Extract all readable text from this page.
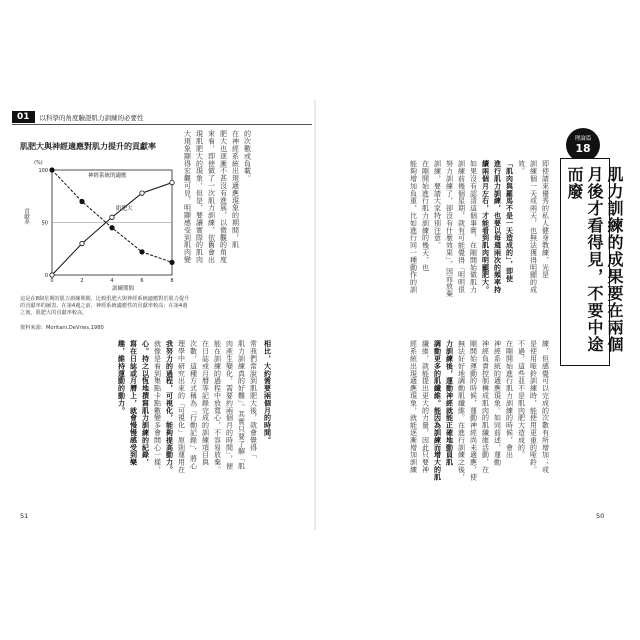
01	以科學的角度驗證肌力訓練的必要性
肌肥大與神經適應對肌力提升的貢獻率
(%)
貢獻率
訓練期間
100
50
0
0	2	4	6	8
神經系統的適應
肌肥大
這是在8個星期的肌力訓練期間，比較肌肥大與神經系統適應對於肌力提升的貢獻率的圖表。在第4週之前，神經系統適應性的貢獻率較高；在第4週之後，肌肥大的貢獻率較高。
資料來源：Moritani,DeVries,1980
的次數或負載。
在神經系統出現適應現象的期間，肌
肥大也逐漸不甚沒有進展，以微觀的角度
來看，即使做了一次肌力訓練，依舊會出
現肌肥大的現象，但是，要讓實際的肌肉
大現象顯得宏觀可見，明顯感受到肌肉變
相比，大約需要兩個月的時間。
常我們常說到肌肥大後，就會覺得「
肌力訓練真的好難」。其實只要了解「肌
肉產生變化，需要約兩個月的時間」，便
能在訓練的過程中放寬心，不容易放棄。
在日誌或月曆等記錄完成的訓練項目與
次數，這種方式稱為「行動記錄」，將心
理學中研究出來的「可視化」原則運用在
我努力的過程，可視化，能夠提高動力。
就像是看到集點卡點數變多會開心一樣，
心。持之以恆地撰寫肌力訓練的紀錄，
寫在日誌或月曆上，就會慢慢感受到樂
趣，維持運動的動力。
51
理論篇
18
肌力訓練的成果要在兩個月後才看得見，不要中途而廢
即使請來優秀的私人健身教練，光是
訓練個一天或兩天，也無法獲得明顯的成
效。
「肌肉與羅馬不是一天造成的」，即使
進行肌力訓練，也要以每週兩次的頻率持
續兩個月左右，才能看到肌肉明顯肥大。
如果沒有認清這個事實，在剛開始做肌力
訓練前幾個星期，就有可能覺得「明明很
努力訓練了，卻沒有什麼效果」，因而放棄
訓練，要請大家特別注意。
在剛開始進行肌力訓練的幾天，也
能夠增加負重，比如進行同一種動作的訓
練，但感覺可以完成的次數有所增加；或
是使用哑鈴訓練時，能使用更重的哑鈴。
不過，這些並不是肌肉肥大造成的。
在剛開始進行肌力訓練的時候，會出
神經系統的適應現象。如同前述，運動
神經負責控制構成肌肉的肌纖維活動，在
剛開始運動的時候，運動神經尚未適應，使
無法好好地調動肌纖維。在進行訓練之後，
力訓練後，運動神經就能正確地動員肌
調動更多的肌纖維。能因為訓練而增大的肌
纖維，就能提出更大的力量，因此只要神
經系統出現適應現象，就能逐漸增加訓練
50
